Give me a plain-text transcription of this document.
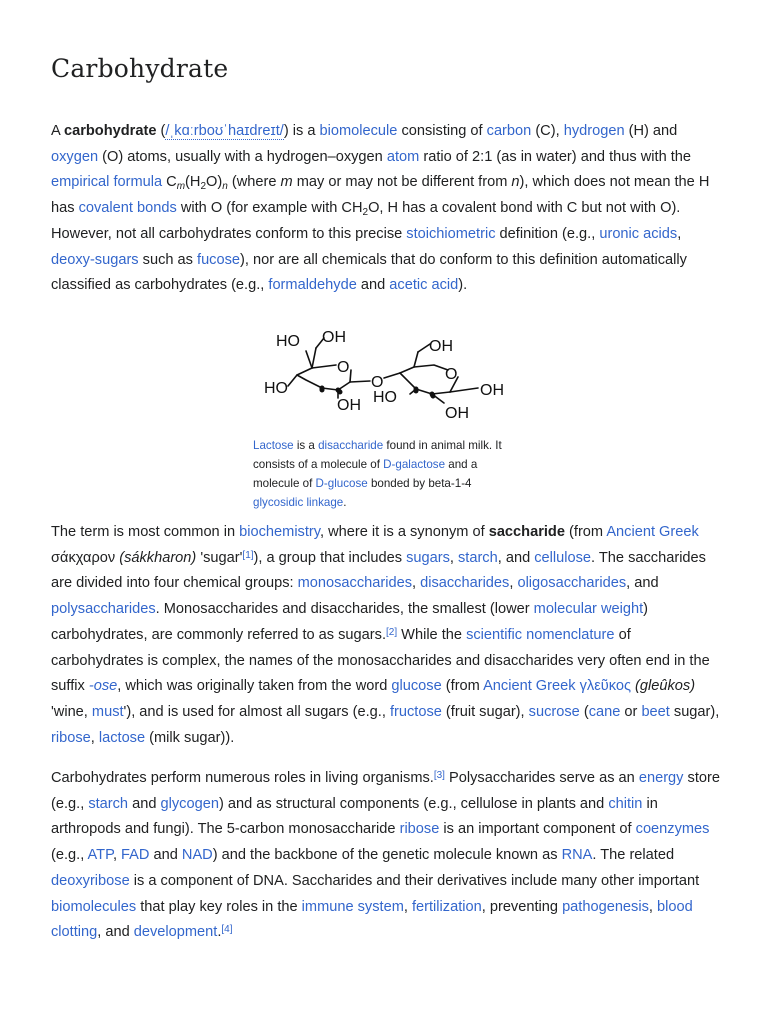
Carbohydrate

A carbohydrate (/ˌkɑːrboʊˈhaɪdreɪt/) is a biomolecule consisting of carbon (C), hydrogen (H) and oxygen (O) atoms, usually with a hydrogen–oxygen atom ratio of 2:1 (as in water) and thus with the empirical formula $C_m(H_2O)_n$ (where m may or may not be different from n), which does not mean the H has covalent bonds with O (for example with $CH_2O$, H has a covalent bond with C but not with O). However, not all carbohydrates conform to this precise stoichiometric definition (e.g., uronic acids, deoxy-sugars such as fucose), nor are all chemicals that do conform to this definition automatically classified as carbohydrates (e.g., formaldehyde and acetic acid).

HO OH
O
HO
OH
O
OH
O
HO	OH
OH

Lactose is a disaccharide found in animal milk. It consists of a molecule of D-galactose and a molecule of D-glucose bonded by beta-1-4 glycosidic linkage.

The term is most common in biochemistry, where it is a synonym of saccharide (from Ancient Greek σάκχαρον (sákkharon) 'sugar'[1]), a group that includes sugars, starch, and cellulose. The saccharides are divided into four chemical groups: monosaccharides, disaccharides, oligosaccharides, and polysaccharides. Monosaccharides and disaccharides, the smallest (lower molecular weight) carbohydrates, are commonly referred to as sugars.[2] While the scientific nomenclature of carbohydrates is complex, the names of the monosaccharides and disaccharides very often end in the suffix -ose, which was originally taken from the word glucose (from Ancient Greek γλεῦκος (gleûkos) 'wine, must'), and is used for almost all sugars (e.g., fructose (fruit sugar), sucrose (cane or beet sugar), ribose, lactose (milk sugar)).

Carbohydrates perform numerous roles in living organisms.[3] Polysaccharides serve as an energy store (e.g., starch and glycogen) and as structural components (e.g., cellulose in plants and chitin in arthropods and fungi). The 5-carbon monosaccharide ribose is an important component of coenzymes (e.g., ATP, FAD and NAD) and the backbone of the genetic molecule known as RNA. The related deoxyribose is a component of DNA. Saccharides and their derivatives include many other important biomolecules that play key roles in the immune system, fertilization, preventing pathogenesis, blood clotting, and development.[4]
